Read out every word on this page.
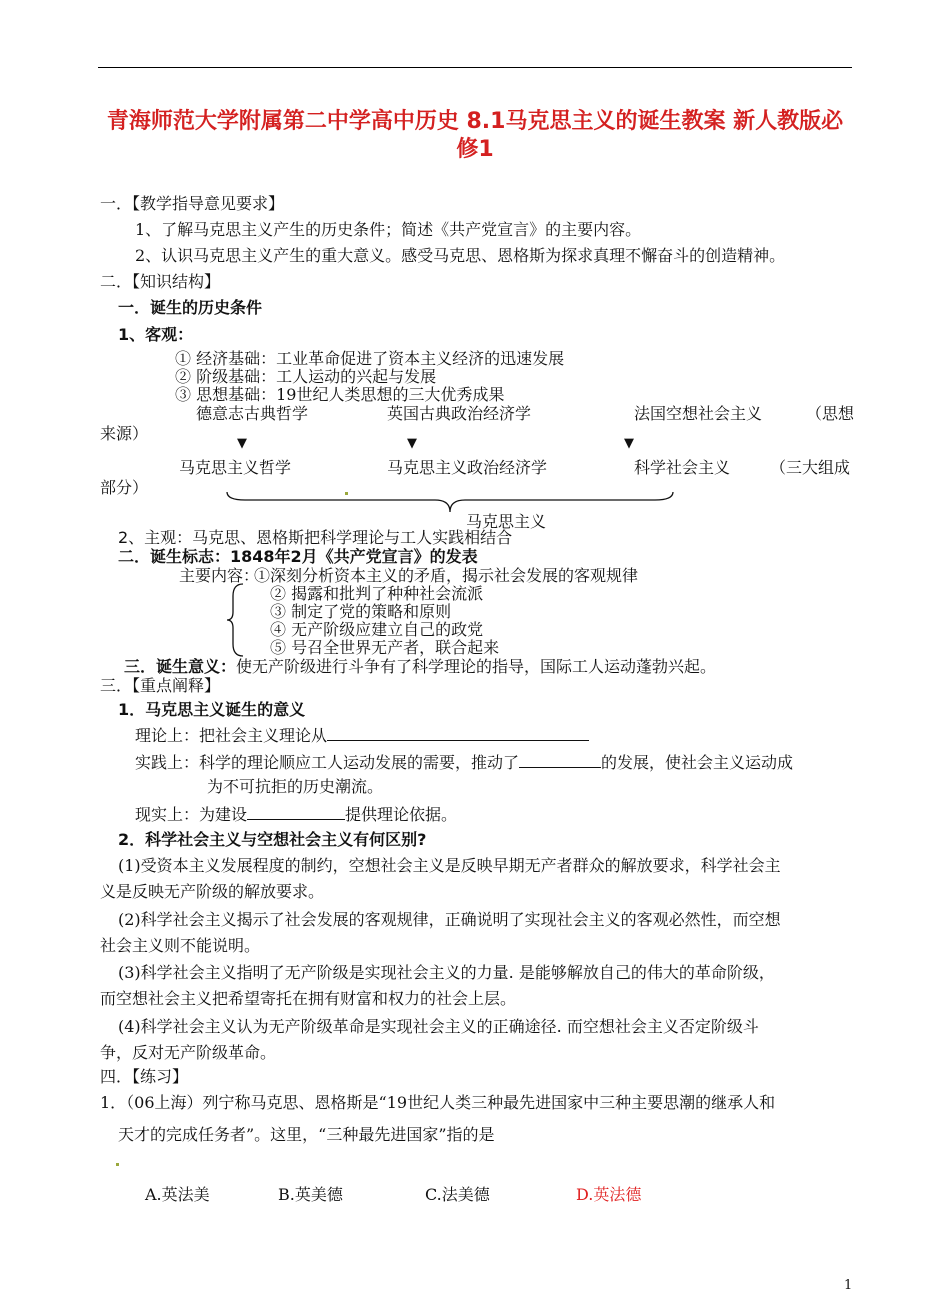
青海师范大学附属第二中学高中历史 8.1马克思主义的诞生教案 新人教版必修1
一．【教学指导意见要求】
1、了解马克思主义产生的历史条件；简述《共产党宣言》的主要内容。
2、认识马克思主义产生的重大意义。感受马克思、恩格斯为探求真理不懈奋斗的创造精神。
二．【知识结构】
一．诞生的历史条件
1、客观：
① 经济基础：工业革命促进了资本主义经济的迅速发展
② 阶级基础：工人运动的兴起与发展
③ 思想基础：19世纪人类思想的三大优秀成果
德意志古典哲学	英国古典政治经济学	法国空想社会主义	（思想
来源）
▼	▼	▼
马克思主义哲学	马克思主义政治经济学	科学社会主义 （三大组成
部分）
马克思主义
2、主观：马克思、恩格斯把科学理论与工人实践相结合
二．诞生标志：1848年2月《共产党宣言》的发表
主要内容：
①深刻分析资本主义的矛盾，揭示社会发展的客观规律
② 揭露和批判了种种社会流派
③ 制定了党的策略和原则
④ 无产阶级应建立自己的政党
⑤ 号召全世界无产者，联合起来
三．诞生意义：使无产阶级进行斗争有了科学理论的指导，国际工人运动蓬勃兴起。
三．【重点阐释】
1．马克思主义诞生的意义
理论上：把社会主义理论从
实践上：科学的理论顺应工人运动发展的需要，推动了	的发展，使社会主义运动成
为不可抗拒的历史潮流。
现实上：为建设	提供理论依据。
2．科学社会主义与空想社会主义有何区别?
(1)受资本主义发展程度的制约，空想社会主义是反映早期无产者群众的解放要求，科学社会主
义是反映无产阶级的解放要求。
(2)科学社会主义揭示了社会发展的客观规律，正确说明了实现社会主义的客观必然性，而空想
社会主义则不能说明。
(3)科学社会主义指明了无产阶级是实现社会主义的力量. 是能够解放自己的伟大的革命阶级，
而空想社会主义把希望寄托在拥有财富和权力的社会上层。
(4)科学社会主义认为无产阶级革命是实现社会主义的正确途径. 而空想社会主义否定阶级斗
争，反对无产阶级革命。
四．【练习】
1．（06上海）列宁称马克思、恩格斯是“19世纪人类三种最先进国家中三种主要思潮的继承人和
天才的完成任务者”。这里，“三种最先进国家”指的是
A.英法美	B.英美德	C.法美德	D.英法德
1
